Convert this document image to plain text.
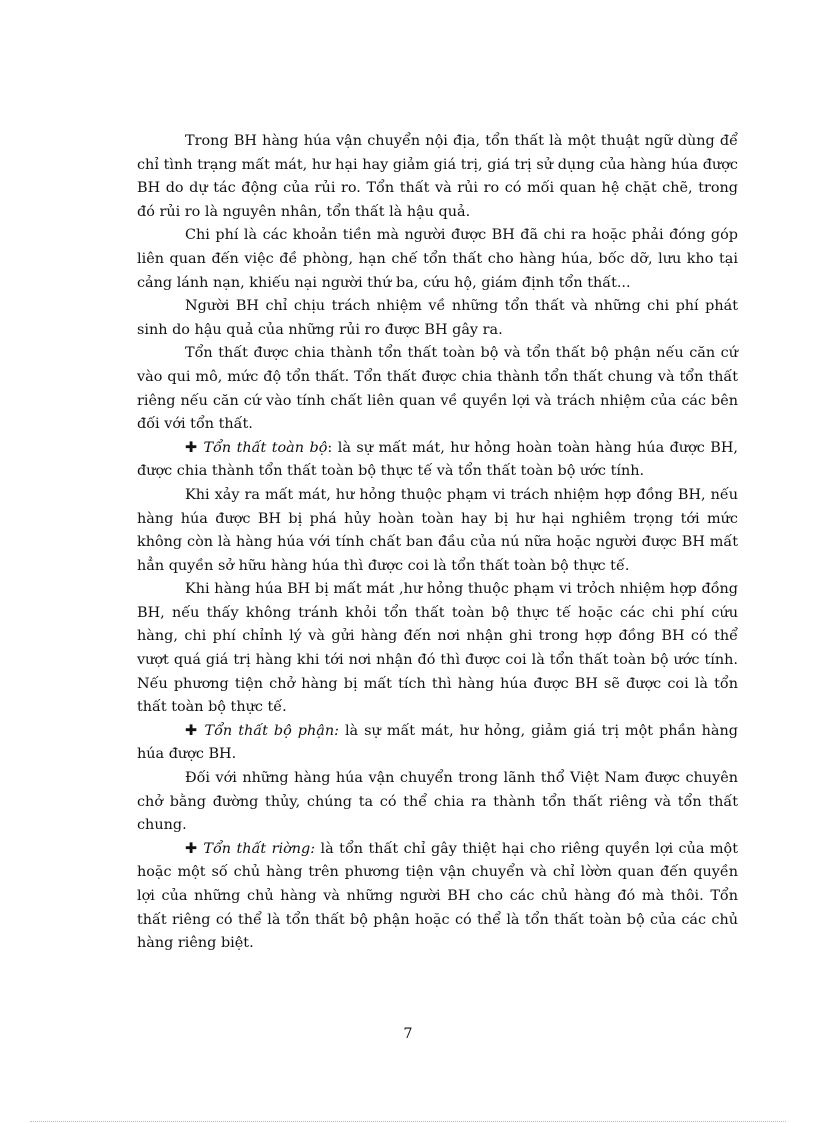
Trong BH hàng húa vận chuyển nội địa, tổn thất là một thuật ngữ dùng để chỉ tình trạng mất mát, hư hại hay giảm giá trị, giá trị sử dụng của hàng húa được BH do dự tác động của rủi ro. Tổn thất và rủi ro có mối quan hệ chặt chẽ, trong đó rủi ro là nguyên nhân, tổn thất là hậu quả.

Chi phí là các khoản tiền mà người được BH đã chi ra hoặc phải đóng góp liên quan đến việc đề phòng, hạn chế tổn thất cho hàng húa, bốc dỡ, lưu kho tại cảng lánh nạn, khiếu nại người thứ ba, cứu hộ, giám định tổn thất...

Người BH chỉ chịu trách nhiệm về những tổn thất và những chi phí phát sinh do hậu quả của những rủi ro được BH gây ra.

Tổn thất được chia thành tổn thất toàn bộ và tổn thất bộ phận nếu căn cứ vào qui mô, mức độ tổn thất. Tổn thất được chia thành tổn thất chung và tổn thất riêng nếu căn cứ vào tính chất liên quan về quyền lợi và trách nhiệm của các bên đối với tổn thất.

✚ Tổn thất toàn bộ: là sự mất mát, hư hỏng hoàn toàn hàng húa được BH, được chia thành tổn thất toàn bộ thực tế và tổn thất toàn bộ ước tính.

Khi xảy ra mất mát, hư hỏng thuộc phạm vi trách nhiệm hợp đồng BH, nếu hàng húa được BH bị phá hủy hoàn toàn hay bị hư hại nghiêm trọng tới mức không còn là hàng húa với tính chất ban đầu của nú nữa hoặc người được BH mất hẳn quyền sở hữu hàng húa thì được coi là tổn thất toàn bộ thực tế.

Khi hàng húa BH bị mất mát ,hư hỏng thuộc phạm vi trỏch nhiệm hợp đồng BH, nếu thấy không tránh khỏi tổn thất toàn bộ thực tế hoặc các chi phí cứu hàng, chi phí chỉnh lý và gửi hàng đến nơi nhận ghi trong hợp đồng BH có thể vượt quá giá trị hàng khi tới nơi nhận đó thì được coi là tổn thất toàn bộ ước tính. Nếu phương tiện chở hàng bị mất tích thì hàng húa được BH sẽ được coi là tổn thất toàn bộ thực tế.

✚ Tổn thất bộ phận: là sự mất mát, hư hỏng, giảm giá trị một phần hàng húa được BH.

Đối với những hàng húa vận chuyển trong lãnh thổ Việt Nam được chuyên chở bằng đường thủy, chúng ta có thể chia ra thành tổn thất riêng và tổn thất chung.

✚ Tổn thất riờng: là tổn thất chỉ gây thiệt hại cho riêng quyền lợi của một hoặc một số chủ hàng trên phương tiện vận chuyển và chỉ lờờn quan đến quyền lợi của những chủ hàng và những người BH cho các chủ hàng đó mà thôi. Tổn thất riêng có thể là tổn thất bộ phận hoặc có thể là tổn thất toàn bộ của các chủ hàng riêng biệt.

7
